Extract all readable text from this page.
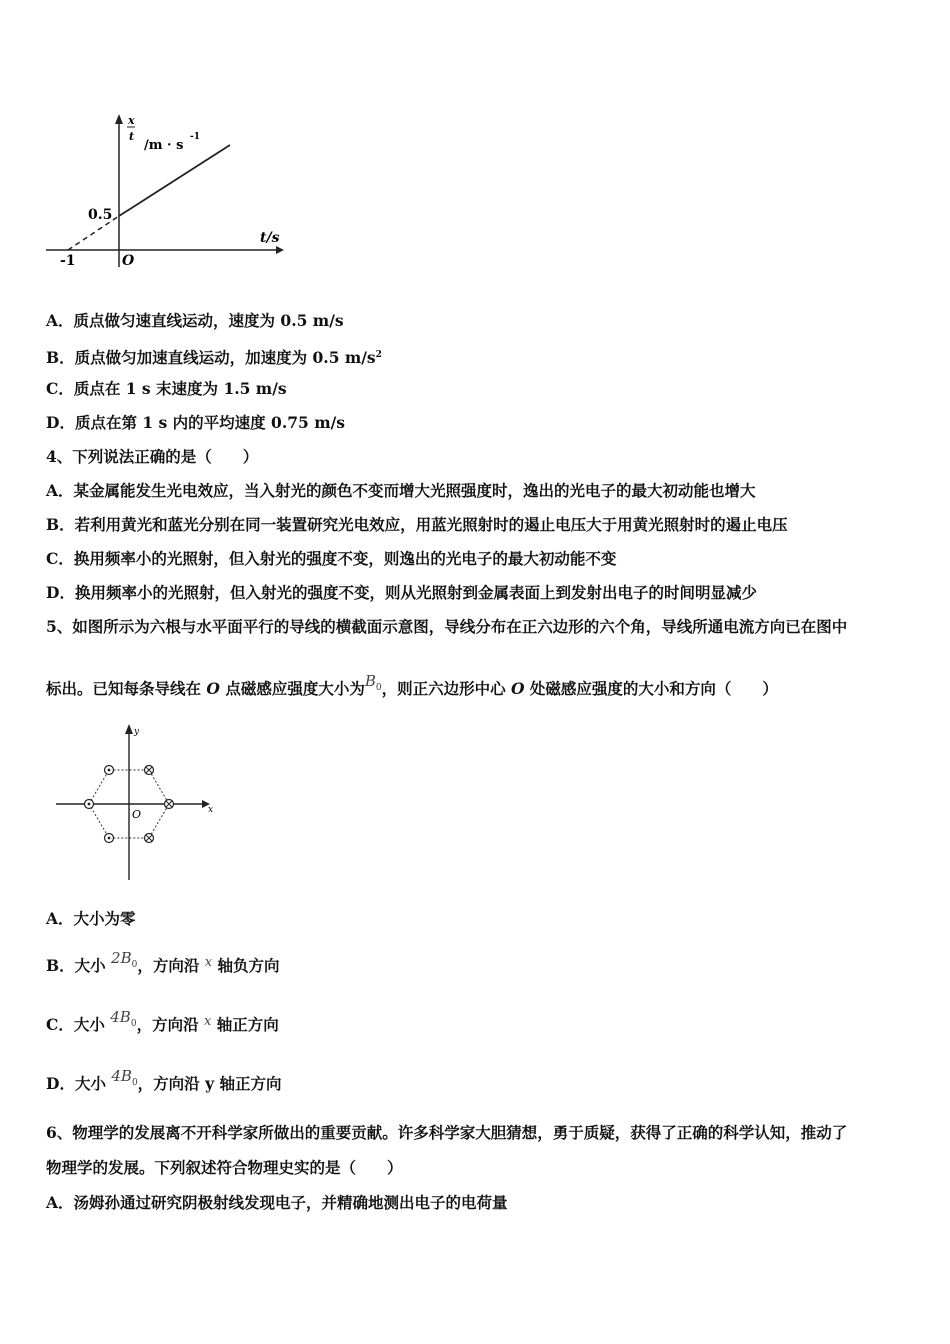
x
t
/m · s
-1
0.5
-1	O
t/s
A．质点做匀速直线运动，速度为 0.5 m/s
B．质点做匀加速直线运动，加速度为 0.5 $m/s^2$
C．质点在 1 s 末速度为 1.5 m/s
D．质点在第 1 s 内的平均速度 0.75 m/s
4、下列说法正确的是（　　）
A．某金属能发生光电效应，当入射光的颜色不变而增大光照强度时，逸出的光电子的最大初动能也增大
B．若利用黄光和蓝光分别在同一装置研究光电效应，用蓝光照射时的遏止电压大于用黄光照射时的遏止电压
C．换用频率小的光照射，但入射光的强度不变，则逸出的光电子的最大初动能不变
D．换用频率小的光照射，但入射光的强度不变，则从光照射到金属表面上到发射出电子的时间明显减少
5、如图所示为六根与水平面平行的导线的横截面示意图，导线分布在正六边形的六个角，导线所通电流方向已在图中
标出。已知每条导线在 O 点磁感应强度大小为$B_0$，则正六边形中心 O 处磁感应强度的大小和方向（　　）
x
y
O
A．大小为零
B．大小 $2B_0$，方向沿 $^x$ 轴负方向
C．大小 $4B_0$，方向沿 $^x$ 轴正方向
D．大小 $4B_0$，方向沿 y 轴正方向
6、物理学的发展离不开科学家所做出的重要贡献。许多科学家大胆猜想，勇于质疑，获得了正确的科学认知，推动了
物理学的发展。下列叙述符合物理史实的是（　　）
A．汤姆孙通过研究阴极射线发现电子，并精确地测出电子的电荷量
